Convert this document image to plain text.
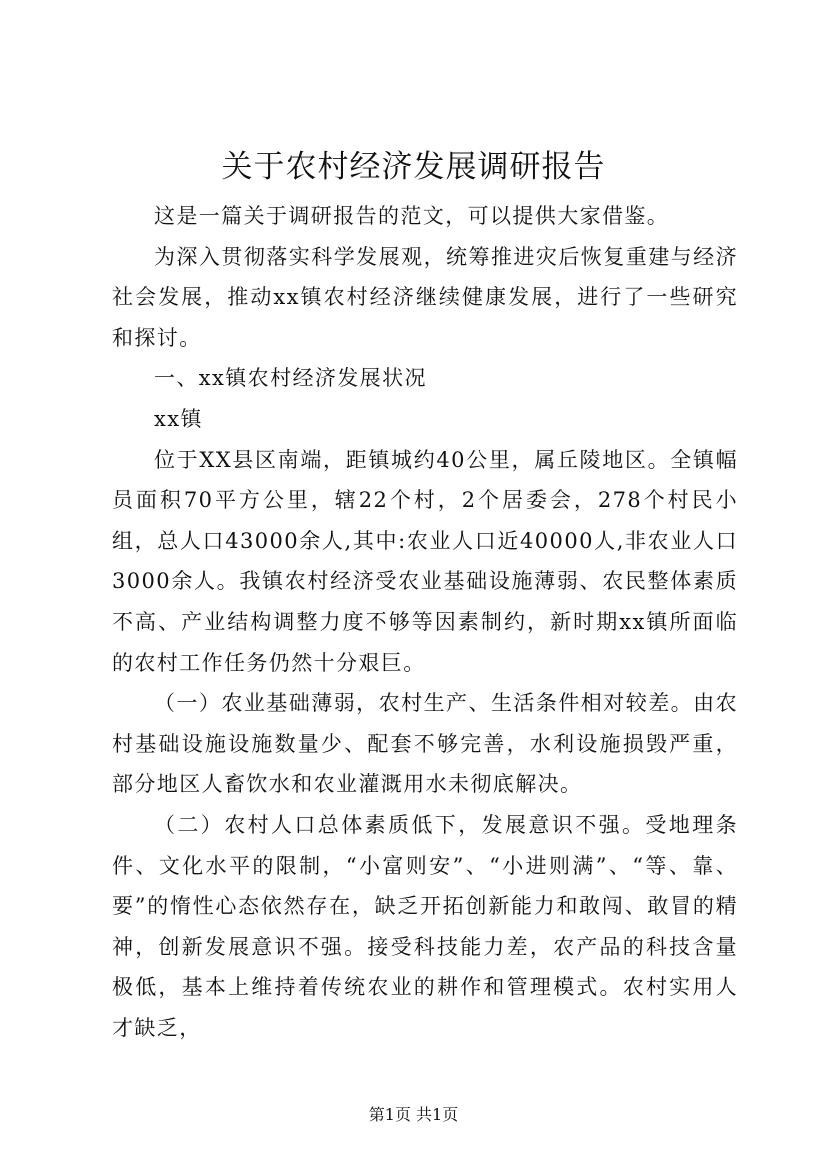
关于农村经济发展调研报告

这是一篇关于调研报告的范文，可以提供大家借鉴。

为深入贯彻落实科学发展观，统筹推进灾后恢复重建与经济社会发展，推动xx镇农村经济继续健康发展，进行了一些研究和探讨。

一、xx镇农村经济发展状况

xx镇

位于XX县区南端，距镇城约40公里，属丘陵地区。全镇幅员面积70平方公里，辖22个村，2个居委会，278个村民小组，总人口43000余人,其中:农业人口近40000人,非农业人口3000余人。我镇农村经济受农业基础设施薄弱、农民整体素质不高、产业结构调整力度不够等因素制约，新时期xx镇所面临的农村工作任务仍然十分艰巨。

（一）农业基础薄弱，农村生产、生活条件相对较差。由农村基础设施设施数量少、配套不够完善，水利设施损毁严重，部分地区人畜饮水和农业灌溉用水未彻底解决。

（二）农村人口总体素质低下，发展意识不强。受地理条件、文化水平的限制，“小富则安”、“小进则满”、“等、靠、要”的惰性心态依然存在，缺乏开拓创新能力和敢闯、敢冒的精神，创新发展意识不强。接受科技能力差，农产品的科技含量极低，基本上维持着传统农业的耕作和管理模式。农村实用人才缺乏，

第1页 共1页
